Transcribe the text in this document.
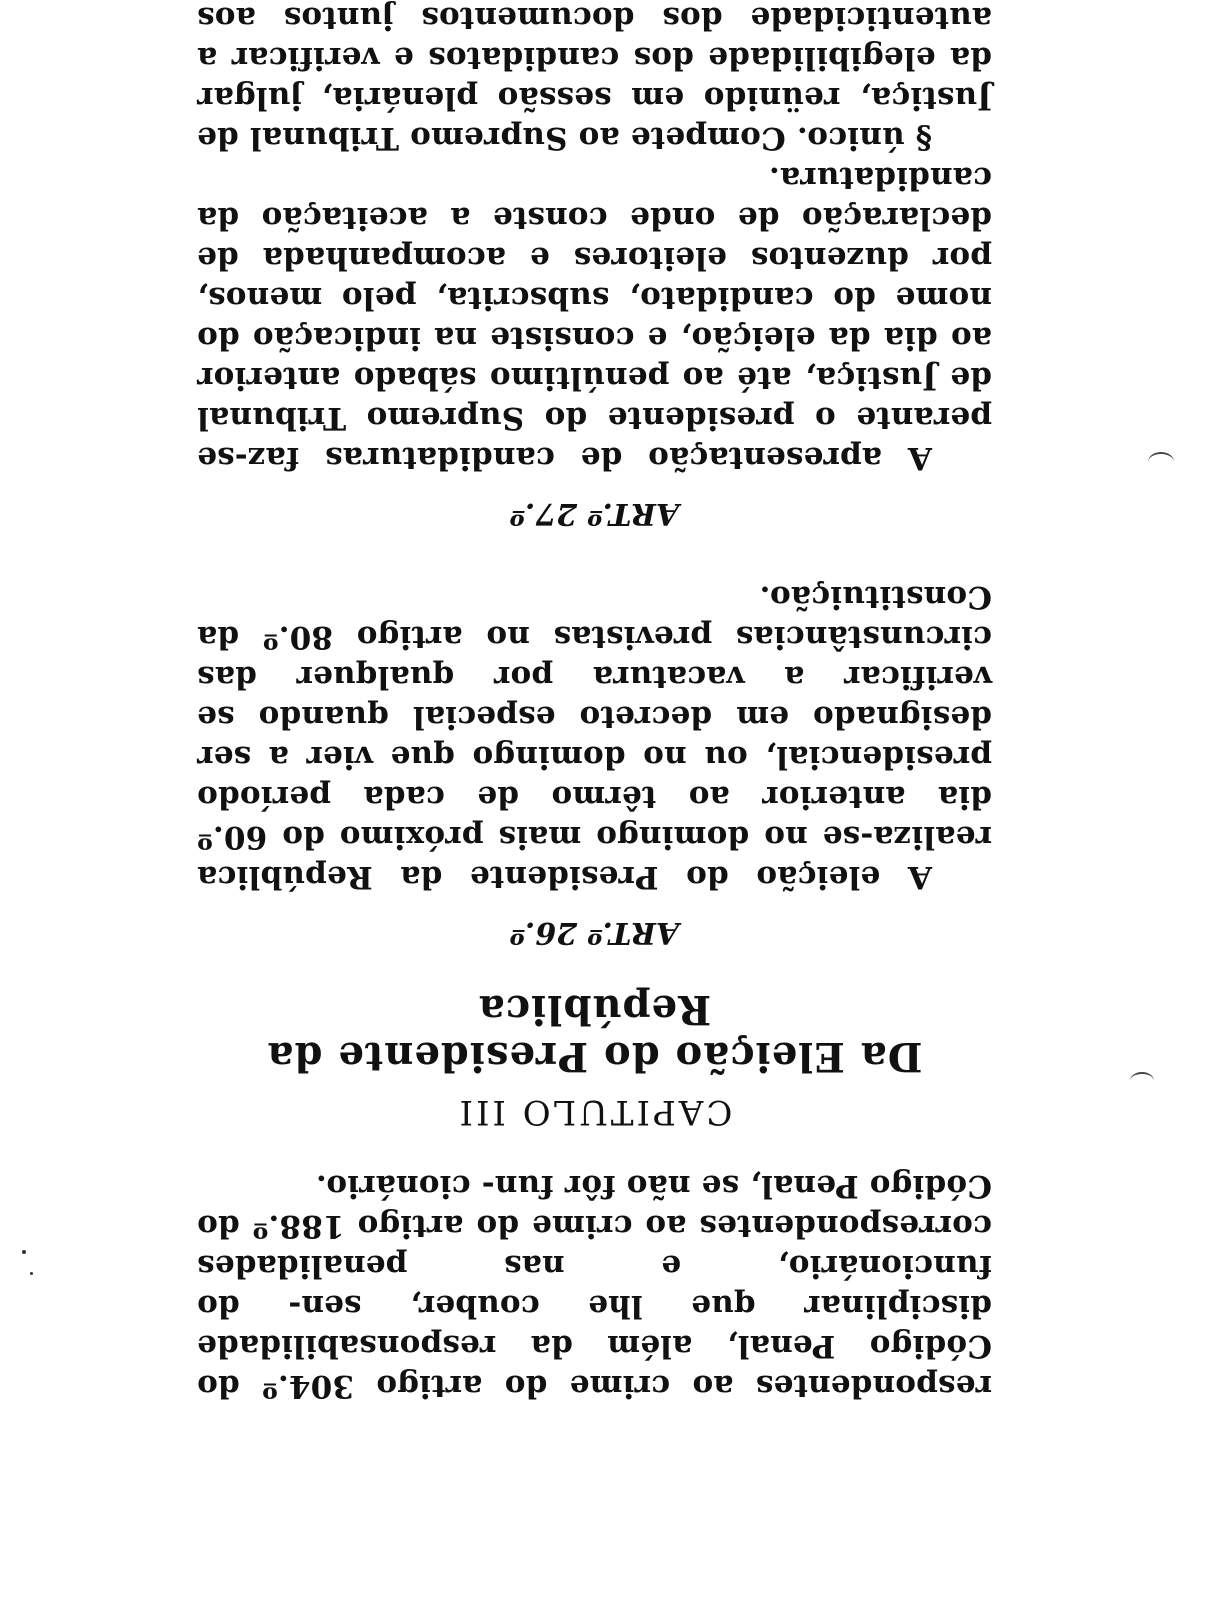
respondentes ao crime do artigo 304.º do Código Penal, além da responsabilidade disciplinar que lhe couber, sen- do funcionário, e nas penalidades correspondentes ao crime do artigo 188.º do Código Penal, se não fôr fun- cionário.

CAPITULO III
Da Eleição do Presidente da República
ART.º 26.º

A eleição do Presidente da República realiza-se no domingo mais próximo do 60.º dia anterior ao têrmo de cada período presidencial, ou no domingo que vier a ser designado em decreto especial quando se verificar a vacatura por qualquer das circunstâncias previstas no artigo 80.º da Constituição.

ART.º 27.º

A apresentação de candidaturas faz-se perante o presidente do Supremo Tribunal de Justiça, até ao penúltimo sábado anterior ao dia da eleição, e consiste na indicação do nome do candidato, subscrita, pelo menos, por duzentos eleitores e acompanhada de declaração de onde conste a aceitação da candidatura.

§ único. Compete ao Supremo Tribunal de Justiça, reünido em sessão plenária, julgar da elegibilidade dos candidatos e verificar a autenticidade dos documentos juntos aos
